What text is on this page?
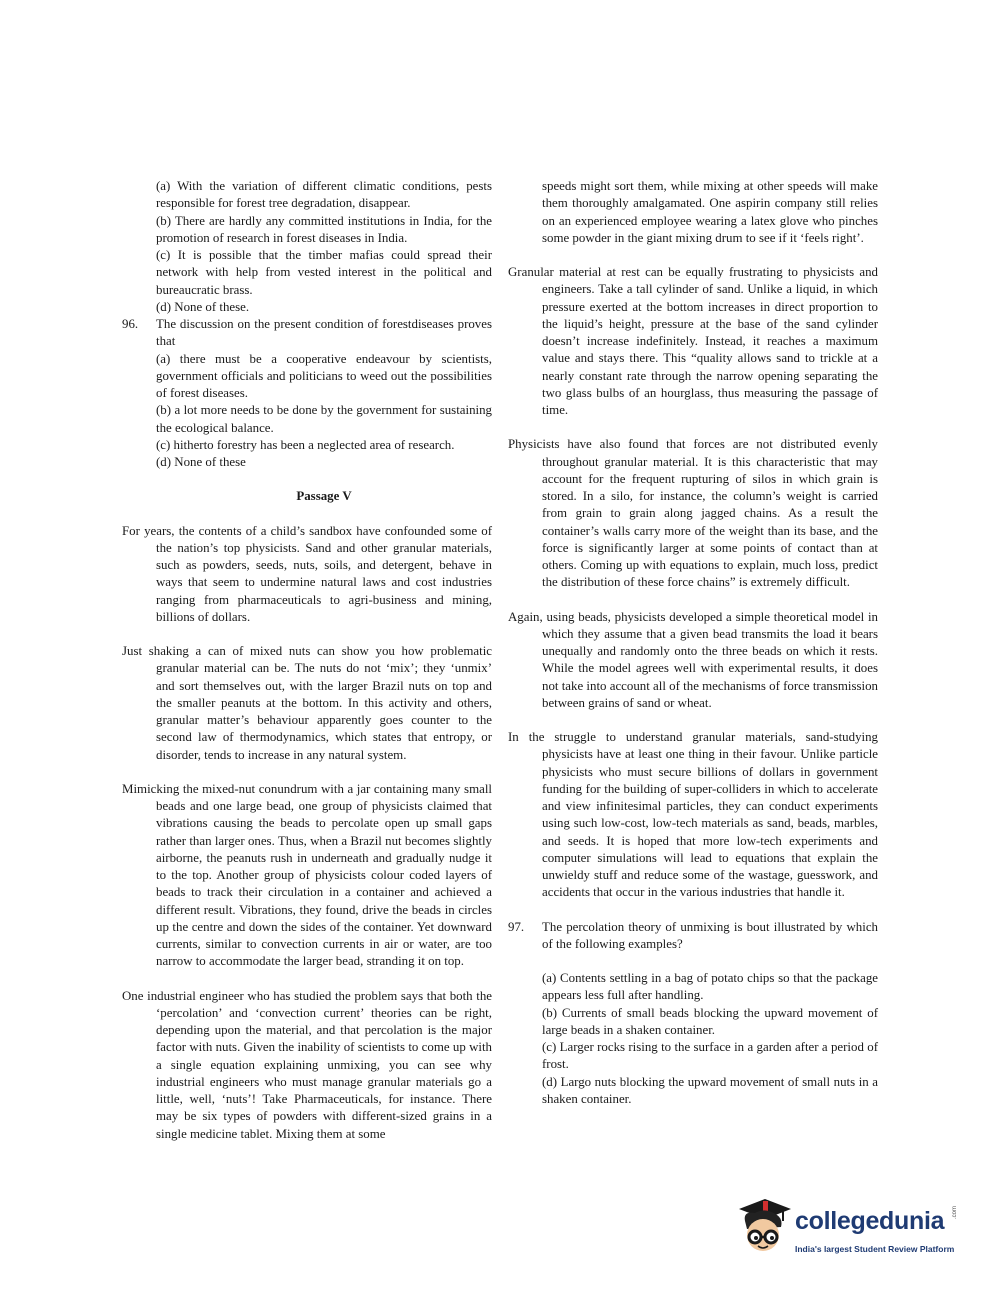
(a) With the variation of different climatic conditions, pests responsible for forest tree degradation, disappear.

(b) There are hardly any committed institutions in India, for the promotion of research in forest diseases in India.

(c) It is possible that the timber mafias could spread their network with help from vested interest in the political and bureaucratic brass.

(d) None of these.

96. The discussion on the present condition of forestdiseases proves that

(a) there must be a cooperative endeavour by scientists, government officials and politicians to weed out the possibilities of forest diseases.

(b) a lot more needs to be done by the government for sustaining the ecological balance.

(c) hitherto forestry has been a neglected area of research.

(d) None of these

Passage V

For years, the contents of a child’s sandbox have confounded some of the nation’s top physicists. Sand and other granular materials, such as powders, seeds, nuts, soils, and detergent, behave in ways that seem to undermine natural laws and cost industries ranging from pharmaceuticals to agri-business and mining, billions of dollars.

Just shaking a can of mixed nuts can show you how problematic granular material can be. The nuts do not ‘mix’; they ‘unmix’ and sort themselves out, with the larger Brazil nuts on top and the smaller peanuts at the bottom. In this activity and others, granular matter’s behaviour apparently goes counter to the second law of thermodynamics, which states that entropy, or disorder, tends to increase in any natural system.

Mimicking the mixed-nut conundrum with a jar containing many small beads and one large bead, one group of physicists claimed that vibrations causing the beads to percolate open up small gaps rather than larger ones. Thus, when a Brazil nut becomes slightly airborne, the peanuts rush in underneath and gradually nudge it to the top. Another group of physicists colour coded layers of beads to track their circulation in a container and achieved a different result. Vibrations, they found, drive the beads in circles up the centre and down the sides of the container. Yet downward currents, similar to convection currents in air or water, are too narrow to accommodate the larger bead, stranding it on top.

One industrial engineer who has studied the problem says that both the ‘percolation’ and ‘convection current’ theories can be right, depending upon the material, and that percolation is the major factor with nuts. Given the inability of scientists to come up with a single equation explaining unmixing, you can see why industrial engineers who must manage granular materials go a little, well, ‘nuts’! Take Pharmaceuticals, for instance. There may be six types of powders with different-sized grains in a single medicine tablet. Mixing them at some

speeds might sort them, while mixing at other speeds will make them thoroughly amalgamated. One aspirin company still relies on an experienced employee wearing a latex glove who pinches some powder in the giant mixing drum to see if it ‘feels right’.

Granular material at rest can be equally frustrating to physicists and engineers. Take a tall cylinder of sand. Unlike a liquid, in which pressure exerted at the bottom increases in direct proportion to the liquid’s height, pressure at the base of the sand cylinder doesn’t increase indefinitely. Instead, it reaches a maximum value and stays there. This “quality allows sand to trickle at a nearly constant rate through the narrow opening separating the two glass bulbs of an hourglass, thus measuring the passage of time.

Physicists have also found that forces are not distributed evenly throughout granular material. It is this characteristic that may account for the frequent rupturing of silos in which grain is stored. In a silo, for instance, the column’s weight is carried from grain to grain along jagged chains. As a result the container’s walls carry more of the weight than its base, and the force is significantly larger at some points of contact than at others. Coming up with equations to explain, much loss, predict the distribution of these force chains” is extremely difficult.

Again, using beads, physicists developed a simple theoretical model in which they assume that a given bead transmits the load it bears unequally and randomly onto the three beads on which it rests. While the model agrees well with experimental results, it does not take into account all of the mechanisms of force transmission between grains of sand or wheat.

In the struggle to understand granular materials, sand-studying physicists have at least one thing in their favour. Unlike particle physicists who must secure billions of dollars in government funding for the building of super-colliders in which to accelerate and view infinitesimal particles, they can conduct experiments using such low-cost, low-tech materials as sand, beads, marbles, and seeds. It is hoped that more low-tech experiments and computer simulations will lead to equations that explain the unwieldy stuff and reduce some of the wastage, guesswork, and accidents that occur in the various industries that handle it.

97. The percolation theory of unmixing is bout illustrated by which of the following examples?

(a) Contents settling in a bag of potato chips so that the package appears less full after handling.

(b) Currents of small beads blocking the upward movement of large beads in a shaken container.

(c) Larger rocks rising to the surface in a garden after a period of frost.

(d) Largo nuts blocking the upward movement of small nuts in a shaken container.

collegedunia .com
India's largest Student Review Platform
